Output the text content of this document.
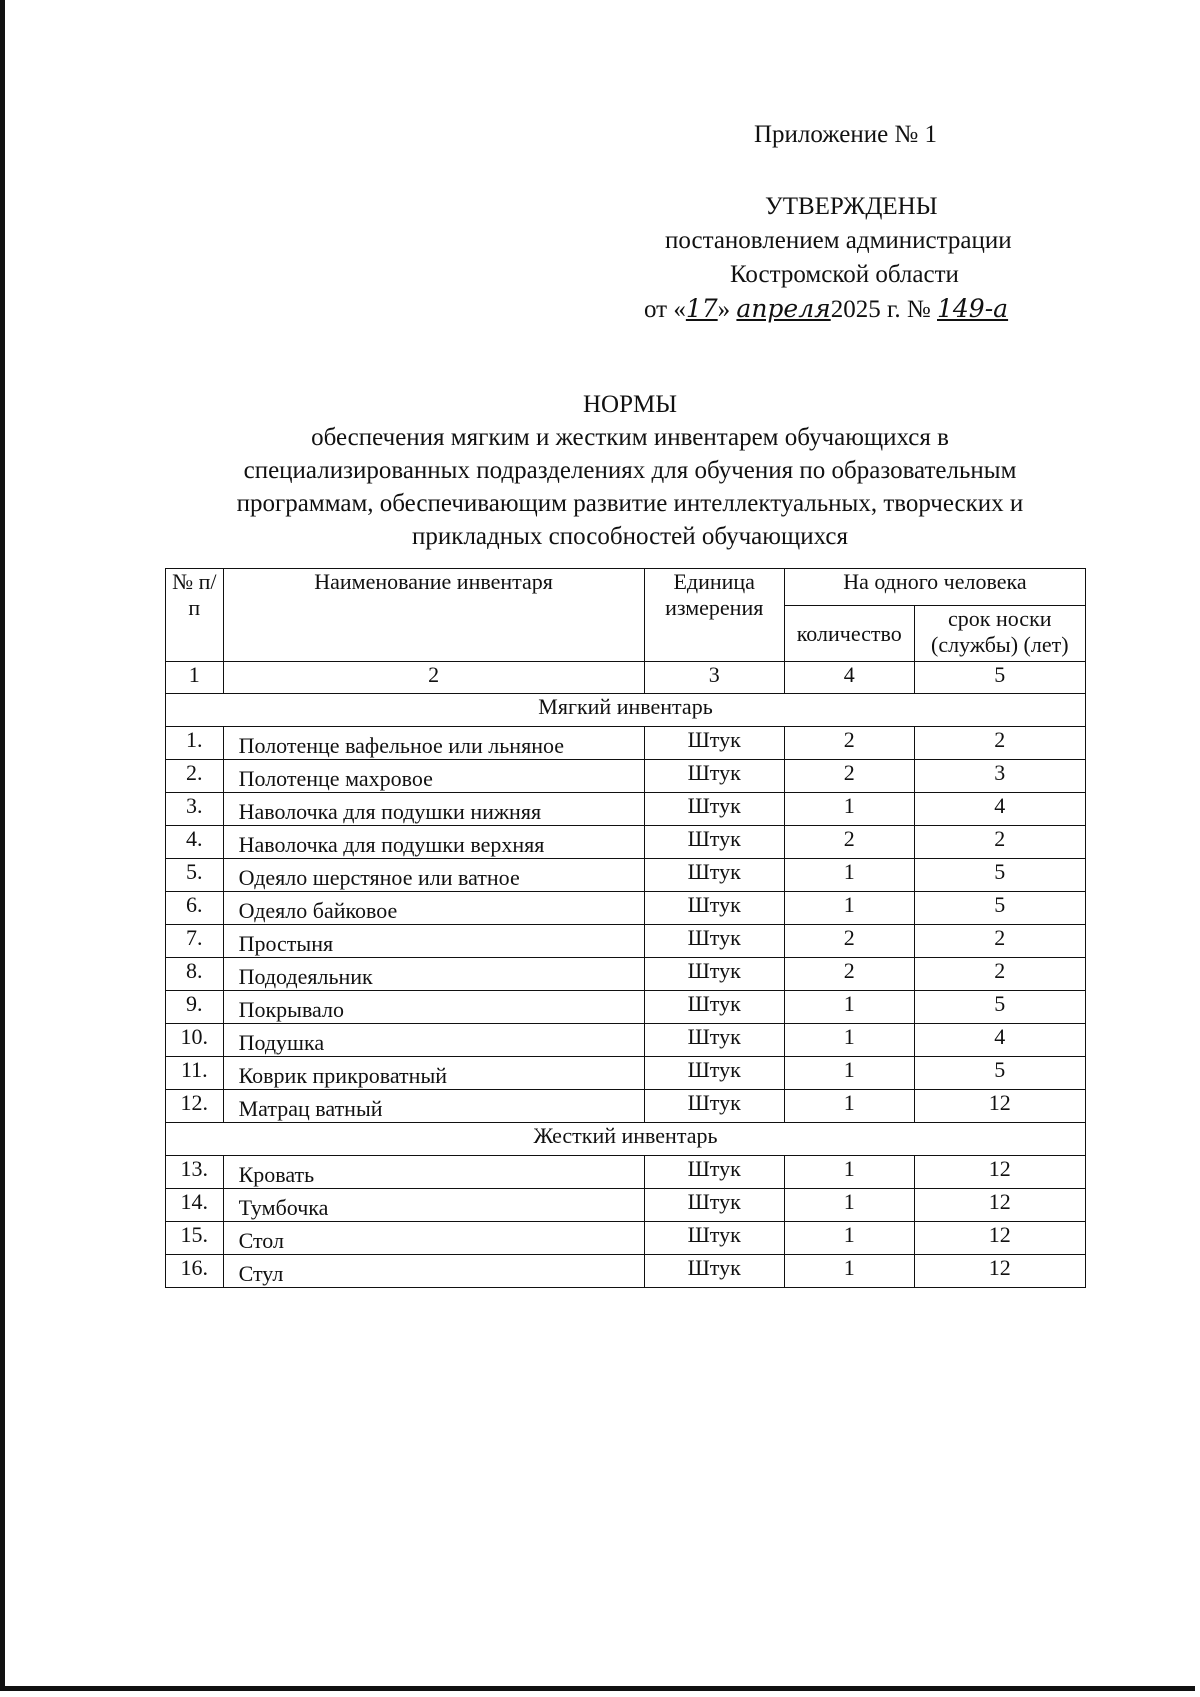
Приложение № 1
УТВЕРЖДЕНЫ
постановлением администрации
Костромской области
от «17» апреля2025 г. № 149-а
НОРМЫ
обеспечения мягким и жестким инвентарем обучающихся в
специализированных подразделениях для обучения по образовательным
программам, обеспечивающим развитие интеллектуальных, творческих и
прикладных способностей обучающихся
№ п/п	Наименование инвентаря	Единица измерения	На одного человека	
			количество	срок носки (службы) (лет)
1	2	3	4	5
Мягкий инвентарь				
1.	Полотенце вафельное или льняное	Штук	2	2
2.	Полотенце махровое	Штук	2	3
3.	Наволочка для подушки нижняя	Штук	1	4
4.	Наволочка для подушки верхняя	Штук	2	2
5.	Одеяло шерстяное или ватное	Штук	1	5
6.	Одеяло байковое	Штук	1	5
7.	Простыня	Штук	2	2
8.	Пододеяльник	Штук	2	2
9.	Покрывало	Штук	1	5
10.	Подушка	Штук	1	4
11.	Коврик прикроватный	Штук	1	5
12.	Матрац ватный	Штук	1	12
Жесткий инвентарь				
13.	Кровать	Штук	1	12
14.	Тумбочка	Штук	1	12
15.	Стол	Штук	1	12
16.	Стул	Штук	1	12
